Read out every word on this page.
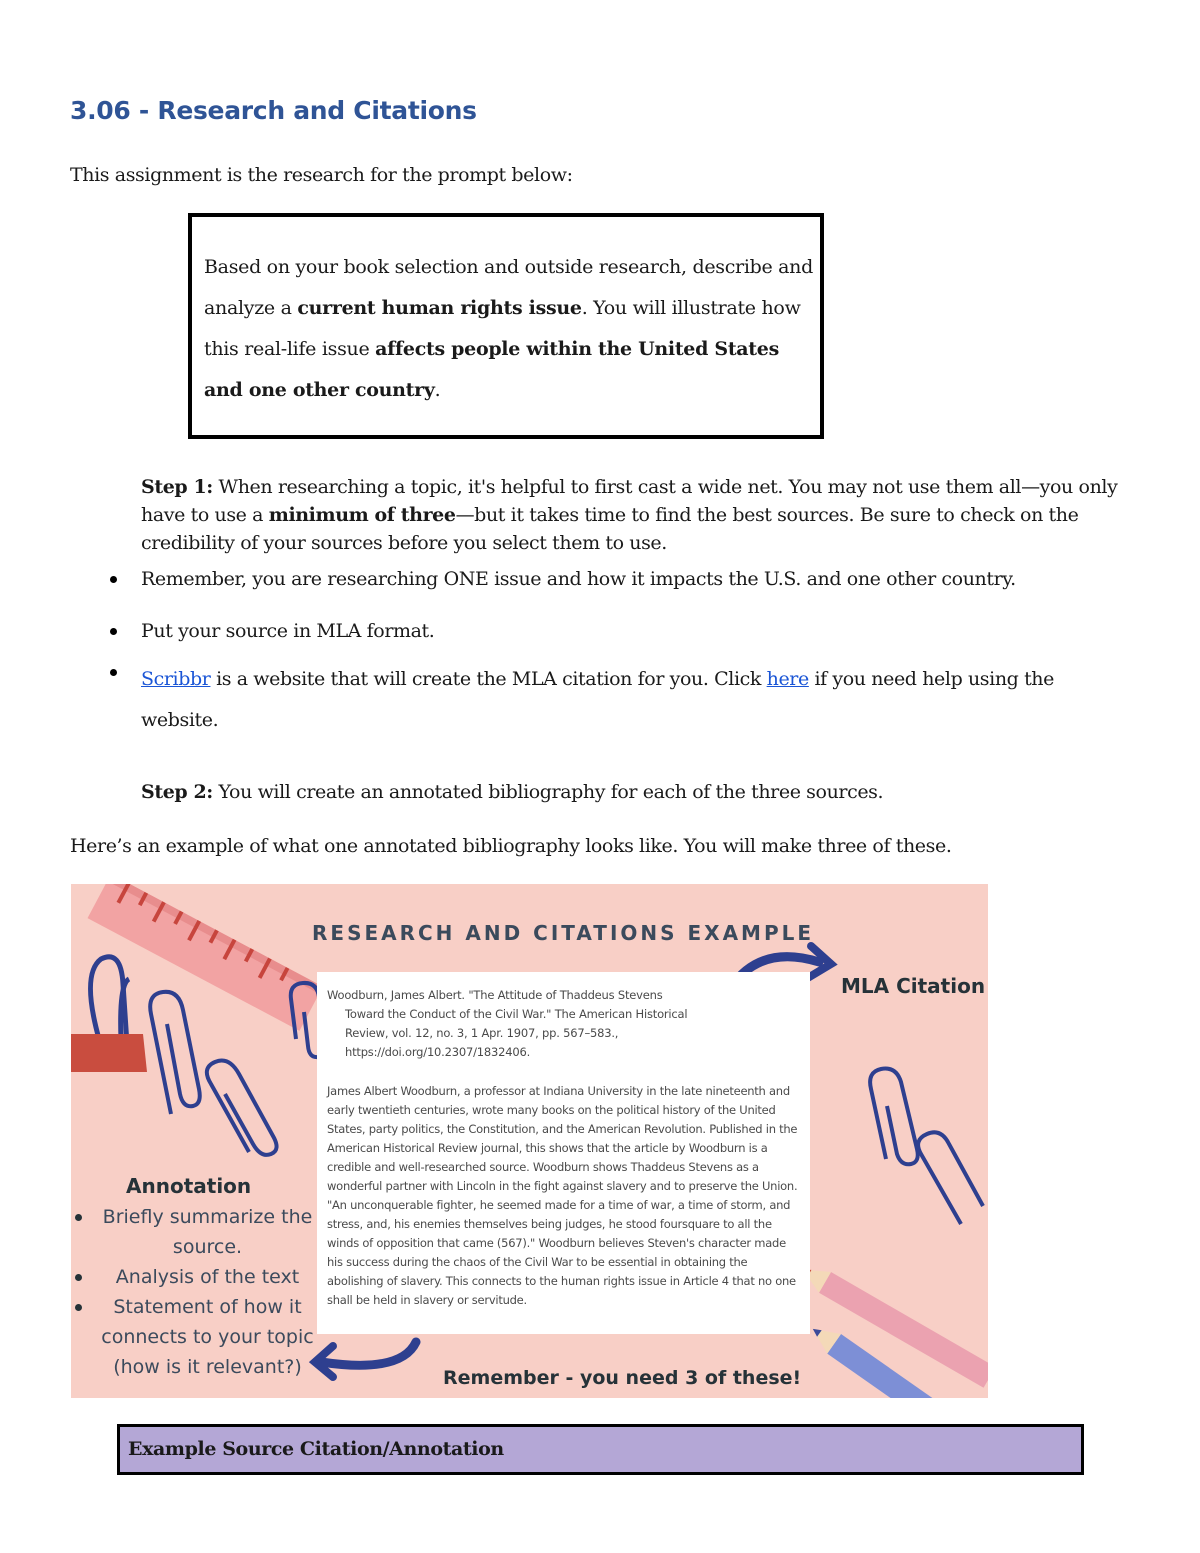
3.06 - Research and Citations
This assignment is the research for the prompt below:
Based on your book selection and outside research, describe and analyze a current human rights issue. You will illustrate how this real-life issue affects people within the United States and one other country.
Step 1: When researching a topic, it's helpful to first cast a wide net. You may not use them all—you only have to use a minimum of three—but it takes time to find the best sources. Be sure to check on the credibility of your sources before you select them to use.
Remember, you are researching ONE issue and how it impacts the U.S. and one other country.
Put your source in MLA format.
Scribbr is a website that will create the MLA citation for you. Click here if you need help using the website.
Step 2: You will create an annotated bibliography for each of the three sources.
Here’s an example of what one annotated bibliography looks like. You will make three of these.
RESEARCH AND CITATIONS EXAMPLE
Woodburn, James Albert. "The Attitude of Thaddeus Stevens
Toward the Conduct of the Civil War." The American Historical
Review, vol. 12, no. 3, 1 Apr. 1907, pp. 567–583.,
https://doi.org/10.2307/1832406.
James Albert Woodburn, a professor at Indiana University in the late nineteenth and early twentieth centuries, wrote many books on the political history of the United States, party politics, the Constitution, and the American Revolution. Published in the American Historical Review journal, this shows that the article by Woodburn is a credible and well-researched source. Woodburn shows Thaddeus Stevens as a wonderful partner with Lincoln in the fight against slavery and to preserve the Union. "An unconquerable fighter, he seemed made for a time of war, a time of storm, and stress, and, his enemies themselves being judges, he stood foursquare to all the winds of opposition that came (567)." Woodburn believes Steven's character made his success during the chaos of the Civil War to be essential in obtaining the abolishing of slavery. This connects to the human rights issue in Article 4 that no one shall be held in slavery or servitude.
MLA Citation
Annotation
Briefly summarize the source.
Analysis of the text
Statement of how it connects to your topic (how is it relevant?)	Remember - you need 3 of these!
Example Source Citation/Annotation
